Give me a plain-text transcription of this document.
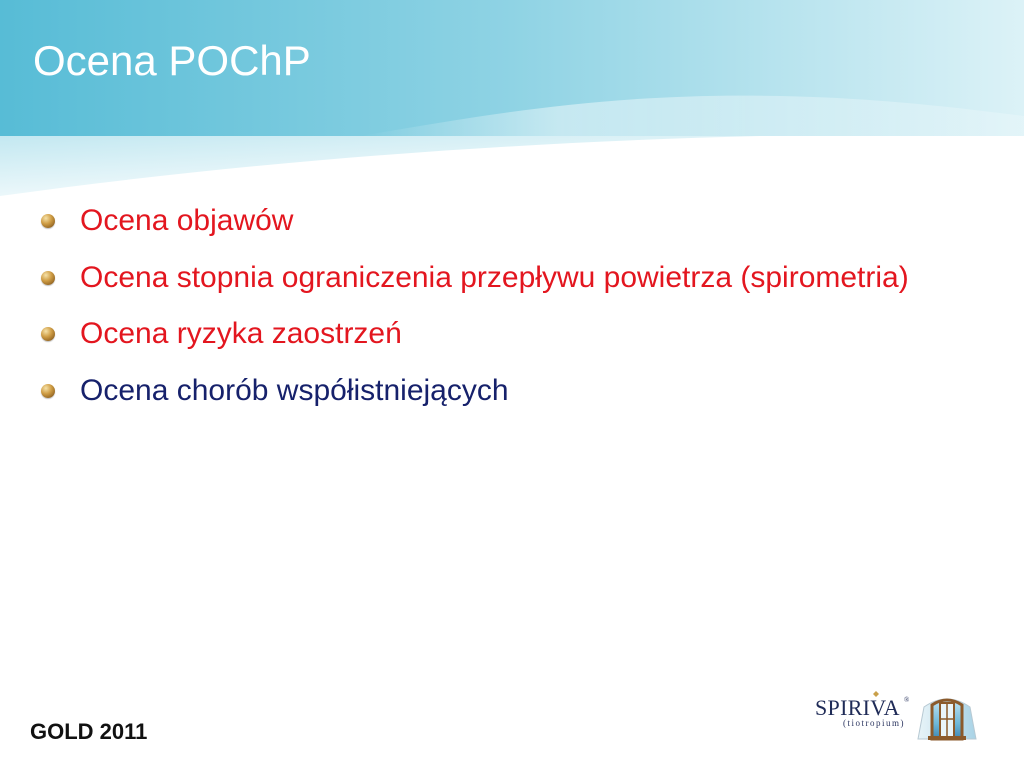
Ocena POChP
Ocena objawów
Ocena stopnia ograniczenia przepływu powietrza (spirometria)
Ocena ryzyka zaostrzeń
Ocena chorób współistniejących
GOLD 2011
SPIRIVA ®
(tiotropium)
